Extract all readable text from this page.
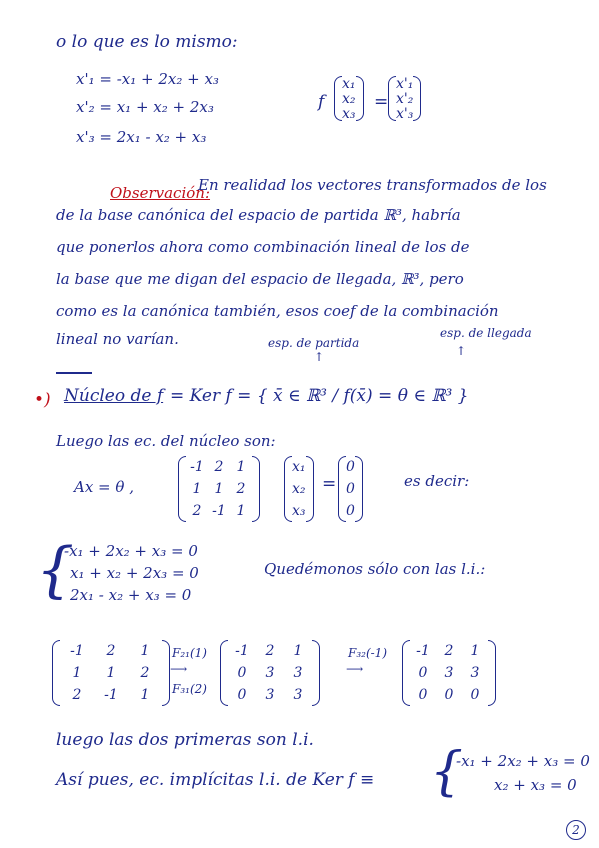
o lo que es lo mismo:
x'₁ = -x₁ + 2x₂ + x₃
x'₂ = x₁ + x₂ + 2x₃
x'₃ = 2x₁ - x₂ + x₃
f
x₁
x₂
x₃
=
x'₁
x'₂
x'₃
Observación:
En realidad los vectores transformados de los
de la base canónica del espacio de partida ℝ³, habría
que ponerlos ahora como combinación lineal de los de
la base que me digan del espacio de llegada, ℝ³, pero
como es la canónica también, esos coef de la combinación
lineal no varían.	esp. de partida
esp. de llegada
↑	↑
•) Núcleo de f = Ker f = { x̄ ∈ ℝ³ / f(x̄) = θ ∈ ℝ³ }
Luego las ec. del núcleo son:
Ax = θ ,
-1 2 1
1 1 2
2 -1 1
x₁
x₂
x₃
=
0
0
0
es decir:
{
-x₁ + 2x₂ + x₃ = 0
x₁ + x₂ + 2x₃ = 0
2x₁ - x₂ + x₃ = 0
Quedémonos sólo con las l.i.:
-1	2	1
1	1	2
2	-1	1
F₂₁(1)
⟶
F₃₁(2)
-1	2	1
0	3	3
0	3	3
F₃₂(-1)
⟶
-1	2	1
0	3	3
0	0	0
luego las dos primeras son l.i.
Así pues, ec. implícitas l.i. de Ker f ≡ {
-x₁ + 2x₂ + x₃ = 0
x₂ + x₃ = 0
2
